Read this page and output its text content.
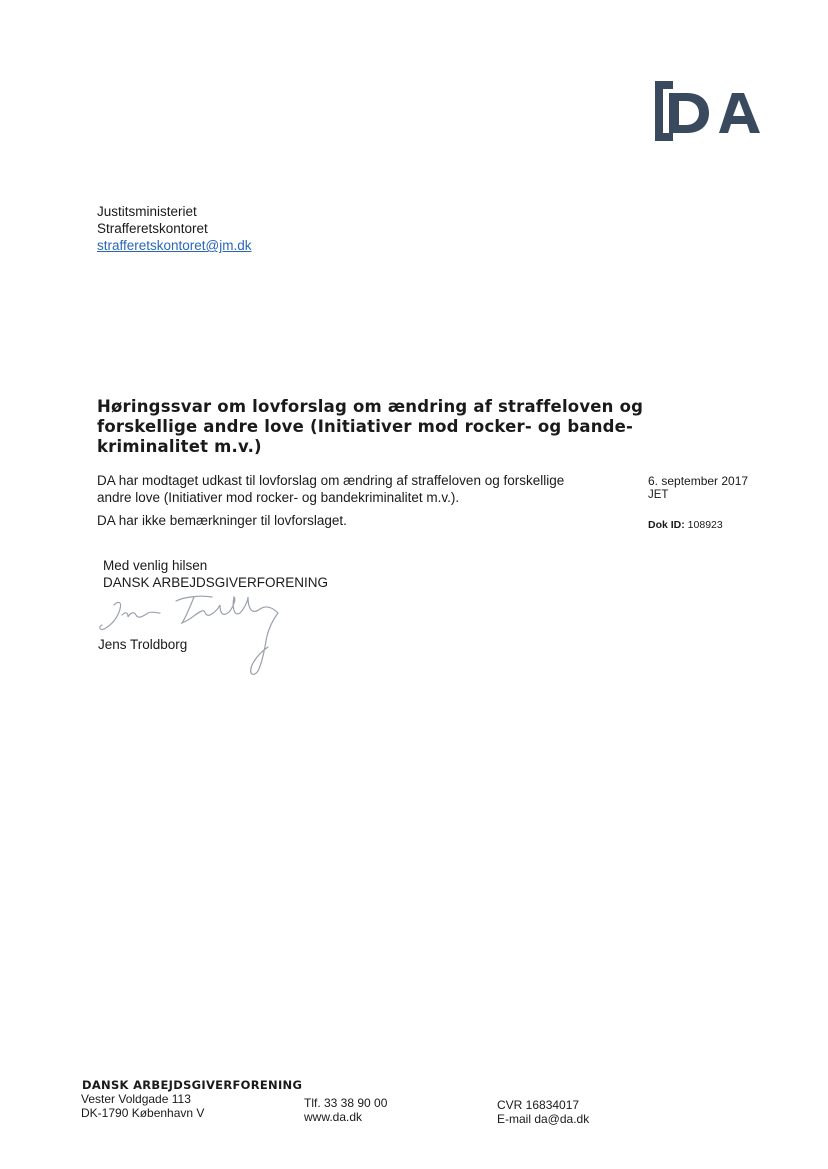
Justitsministeriet
Strafferetskontoret
strafferetskontoret@jm.dk
Høringssvar om lovforslag om ændring af straffeloven og
forskellige andre love (Initiativer mod rocker- og bande-
kriminalitet m.v.)
DA har modtaget udkast til lovforslag om ændring af straffeloven og forskellige
andre love (Initiativer mod rocker- og bandekriminalitet m.v.).
DA har ikke bemærkninger til lovforslaget.
6. september 2017
JET
Dok ID: 108923
Med venlig hilsen
DANSK ARBEJDSGIVERFORENING
Jens Troldborg
DANSK ARBEJDSGIVERFORENING
Vester Voldgade 113
DK-1790 København V
Tlf. 33 38 90 00
www.da.dk
CVR 16834017
E-mail da@da.dk
